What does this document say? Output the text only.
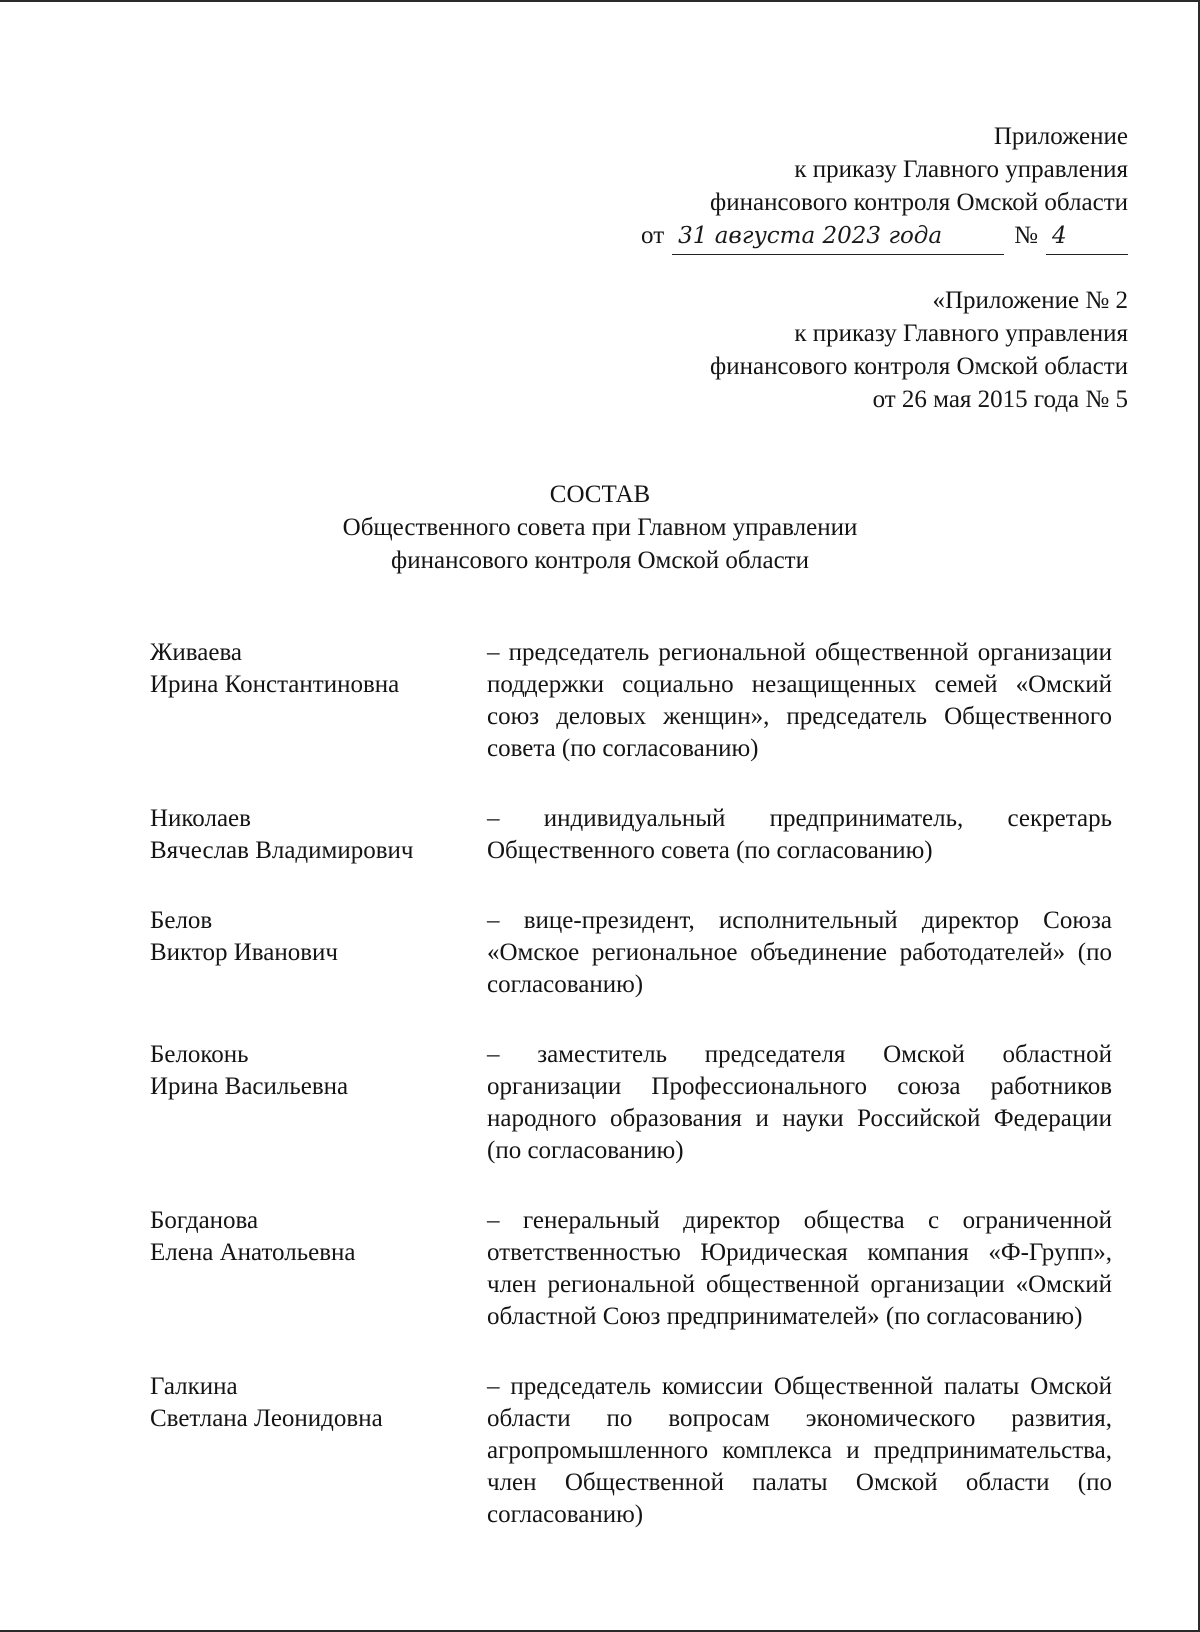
Приложение
к приказу Главного управления
финансового контроля Омской области
от 31 августа 2023 года	№ 4
«Приложение № 2
к приказу Главного управления
финансового контроля Омской области
от 26 мая 2015 года № 5
СОСТАВ
Общественного совета при Главном управлении
финансового контроля Омской области
Живаева
Ирина Константиновна
– председатель региональной общественной организации поддержки социально незащищенных семей «Омский союз деловых женщин», председатель Общественного совета (по согласованию)
Николаев
Вячеслав Владимирович
– индивидуальный предприниматель, секретарь Общественного совета (по согласованию)
Белов
Виктор Иванович
– вице-президент, исполнительный директор Союза «Омское региональное объединение работодателей» (по согласованию)
Белоконь
Ирина Васильевна
– заместитель председателя Омской областной организации Профессионального союза работников народного образования и науки Российской Федерации (по согласованию)
Богданова
Елена Анатольевна
– генеральный директор общества с ограниченной ответственностью Юридическая компания «Ф-Групп», член региональной общественной организации «Омский областной Союз предпринимателей» (по согласованию)
Галкина
Светлана Леонидовна
– председатель комиссии Общественной палаты Омской области по вопросам экономического развития, агропромышленного комплекса и предпринимательства, член Общественной палаты Омской области (по согласованию)
